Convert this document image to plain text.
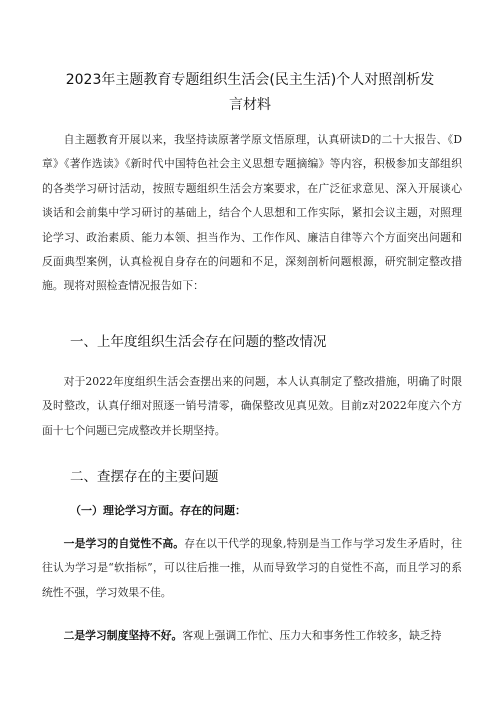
2023年主题教育专题组织生活会(民主生活)个人对照剖析发
言材料

自主题教育开展以来，我坚持读原著学原文悟原理，认真研读D的二十大报告、《D章》《著作选读》《新时代中国特色社会主义思想专题摘编》等内容，积极参加支部组织的各类学习研讨活动，按照专题组织生活会方案要求，在广泛征求意见、深入开展谈心谈话和会前集中学习研讨的基础上，结合个人思想和工作实际，紧扣会议主题，对照理论学习、政治素质、能力本领、担当作为、工作作风、廉洁自律等六个方面突出问题和反面典型案例，认真检视自身存在的问题和不足，深刻剖析问题根源，研究制定整改措施。现将对照检查情况报告如下：

一、上年度组织生活会存在问题的整改情况

对于2022年度组织生活会查摆出来的问题，本人认真制定了整改措施，明确了时限及时整改，认真仔细对照逐一销号清零，确保整改见真见效。目前z对2022年度六个方面十七个问题已完成整改并长期坚持。

二、查摆存在的主要问题
（一）理论学习方面。存在的问题：

一是学习的自觉性不高。存在以干代学的现象,特别是当工作与学习发生矛盾时，往往认为学习是“软指标”，可以往后推一推，从而导致学习的自觉性不高，而且学习的系统性不强，学习效果不佳。

二是学习制度坚持不好。客观上强调工作忙、压力大和事务性工作较多，缺乏持
